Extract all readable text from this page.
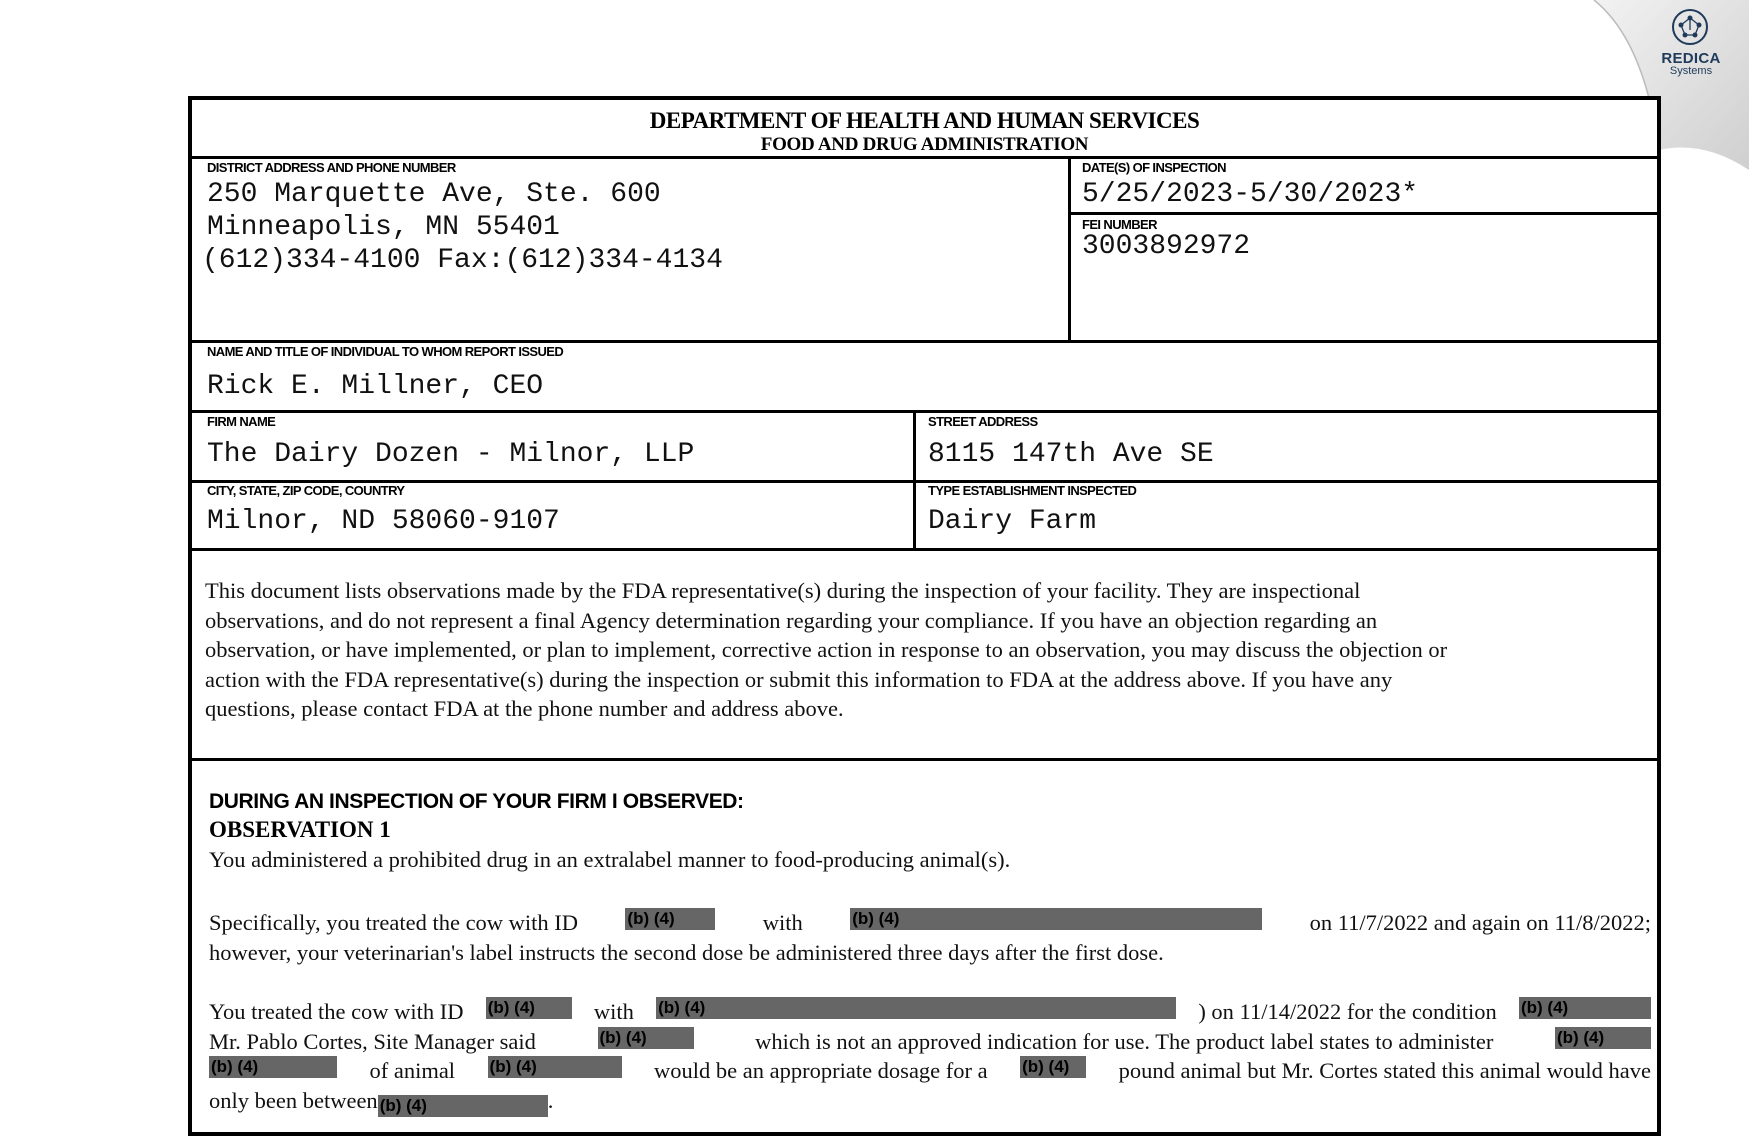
REDICA
Systems
DEPARTMENT OF HEALTH AND HUMAN SERVICES
FOOD AND DRUG ADMINISTRATION
DISTRICT ADDRESS AND PHONE NUMBER
250 Marquette Ave, Ste. 600
Minneapolis, MN 55401
(612)334-4100 Fax:(612)334-4134
DATE(S) OF INSPECTION
5/25/2023-5/30/2023*
FEI NUMBER
3003892972
NAME AND TITLE OF INDIVIDUAL TO WHOM REPORT ISSUED
Rick E. Millner, CEO
FIRM NAME
The Dairy Dozen - Milnor, LLP
STREET ADDRESS
8115 147th Ave SE
CITY, STATE, ZIP CODE, COUNTRY
Milnor, ND 58060-9107
TYPE ESTABLISHMENT INSPECTED
Dairy Farm
This document lists observations made by the FDA representative(s) during the inspection of your facility. They are inspectional
observations, and do not represent a final Agency determination regarding your compliance. If you have an objection regarding an
observation, or have implemented, or plan to implement, corrective action in response to an observation, you may discuss the objection or
action with the FDA representative(s) during the inspection or submit this information to FDA at the address above. If you have any
questions, please contact FDA at the phone number and address above.
DURING AN INSPECTION OF YOUR FIRM I OBSERVED:
OBSERVATION 1
You administered a prohibited drug in an extralabel manner to food-producing animal(s).
Specifically, you treated the cow with ID	(b) (4)	with	(b) (4)	on 11/7/2022 and again on 11/8/2022;
however, your veterinarian's label instructs the second dose be administered three days after the first dose.
You treated the cow with ID (b) (4)	with (b) (4)	) on 11/14/2022 for the condition (b) (4)
Mr. Pablo Cortes, Site Manager said	(b) (4)	which is not an approved indication for use. The product label states to administer	(b) (4)
(b) (4)	of animal (b) (4)	would be an appropriate dosage for a (b) (4)	pound animal but Mr. Cortes stated this animal would have
only been between (b) (4)	.
